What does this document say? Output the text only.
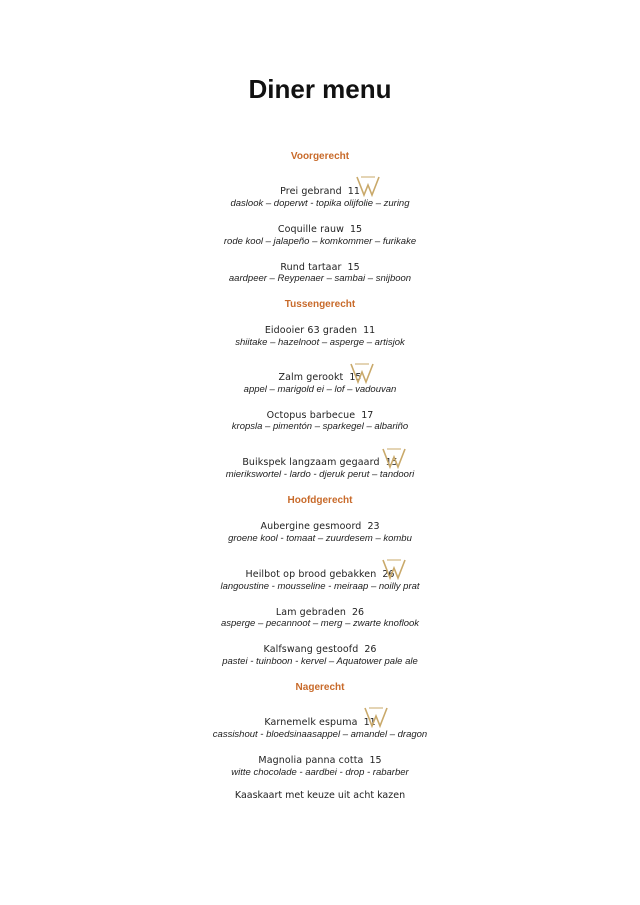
Diner menu
Voorgerecht
Prei gebrand 11
daslook – doperwt - topika olijfolie – zuring
Coquille rauw 15
rode kool – jalapeño – komkommer – furikake
Rund tartaar 15
aardpeer – Reypenaer – sambai – snijboon
Tussengerecht
Eidooier 63 graden 11
shiitake – hazelnoot – asperge – artisjok
Zalm gerookt 15
appel – marigold ei – lof – vadouvan
Octopus barbecue 17
kropsla – pimentón – sparkegel – albariño
Buikspek langzaam gegaard 15
mierikswortel - lardo - djeruk perut – tandoori
Hoofdgerecht
Aubergine gesmoord 23
groene kool - tomaat – zuurdesem – kombu
Heilbot op brood gebakken 26
langoustine - mousseline - meiraap – noilly prat
Lam gebraden 26
asperge – pecannoot – merg – zwarte knoflook
Kalfswang gestoofd 26
pastei - tuinboon - kervel – Aquatower pale ale
Nagerecht
Karnemelk espuma 11
cassishout - bloedsinaasappel – amandel – dragon
Magnolia panna cotta 15
witte chocolade - aardbei - drop - rabarber
Kaaskaart met keuze uit acht kazen
